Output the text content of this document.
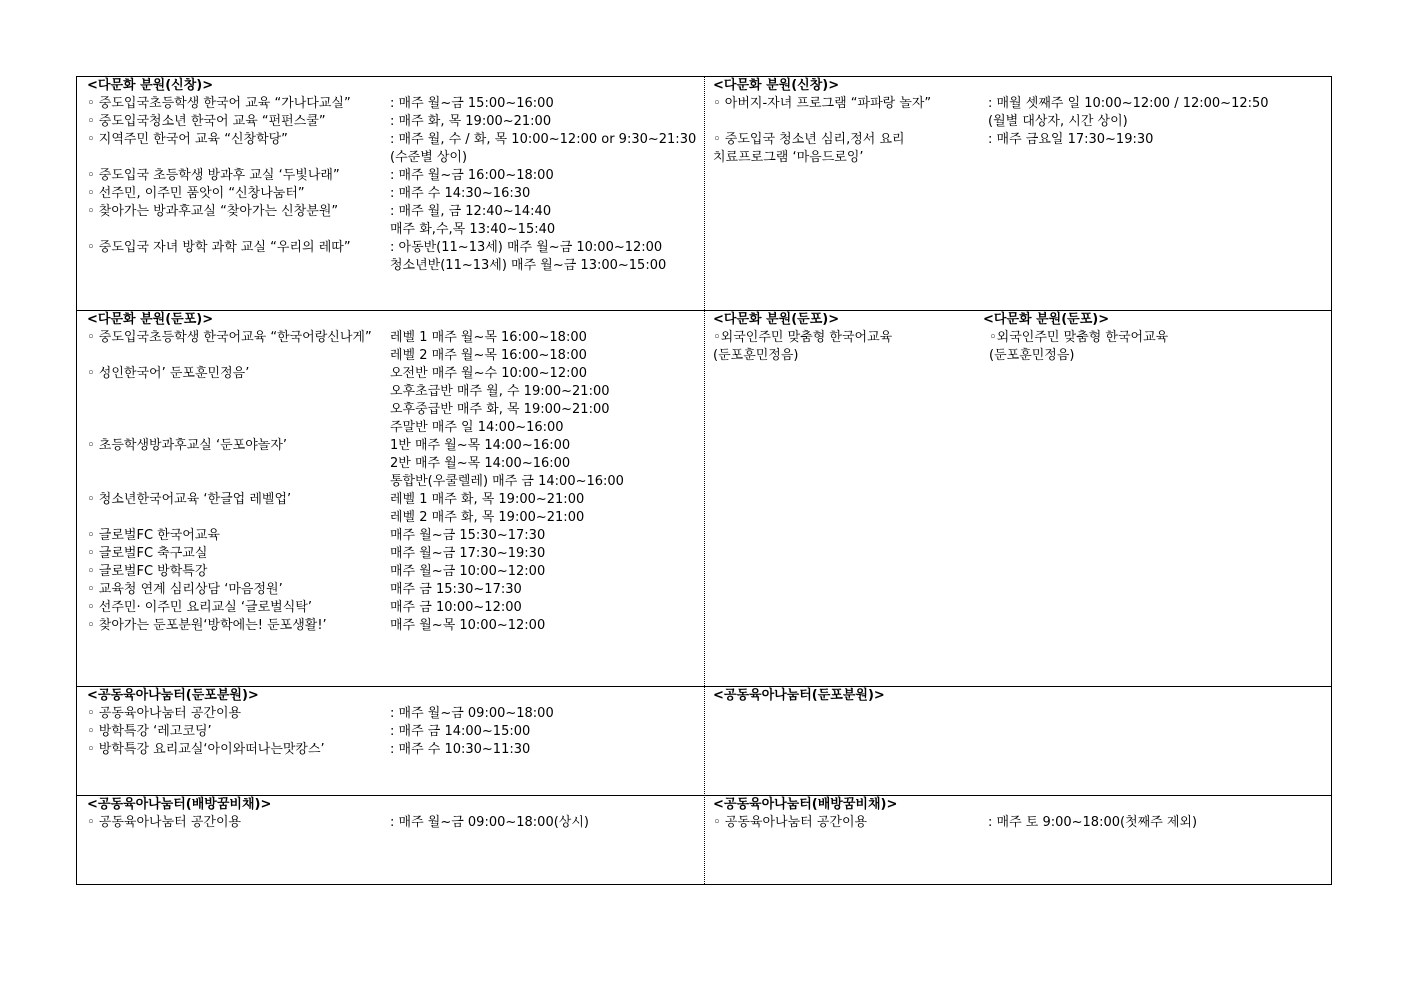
<다문화 분원(신창)>
◦ 중도입국초등학생 한국어 교육 “가나다교실”	: 매주 월~금 15:00~16:00
◦ 중도입국청소년 한국어 교육 “펀펀스쿨”	: 매주 화, 목 19:00~21:00
◦ 지역주민 한국어 교육 “신창학당”	: 매주 월, 수 / 화, 목 10:00~12:00 or 9:30~21:30
(수준별 상이)
◦ 중도입국 초등학생 방과후 교실 ‘두빛나래”	: 매주 월~금 16:00~18:00
◦ 선주민, 이주민 품앗이 “신창나눔터”	: 매주 수 14:30~16:30
◦ 찾아가는 방과후교실 “찾아가는 신창분원”	: 매주 월, 금 12:40~14:40
매주 화,수,목 13:40~15:40
◦ 중도입국 자녀 방학 과학 교실 “우리의 레따”	: 아동반(11~13세) 매주 월~금 10:00~12:00
청소년반(11~13세) 매주 월~금 13:00~15:00
<다문화 분원(신창)>
◦ 아버지-자녀 프로그램 “파파랑 놀자”	: 매월 셋째주 일 10:00~12:00 / 12:00~12:50
(월별 대상자, 시간 상이)
◦ 중도입국 청소년 심리,정서 요리	: 매주 금요일 17:30~19:30
치료프로그램 ‘마음드로잉’
<다문화 분원(둔포)>
◦ 중도입국초등학생 한국어교육 “한국어랑신나게” 레벨 1 매주 월~목 16:00~18:00
레벨 2 매주 월~목 16:00~18:00
◦ 성인한국어’ 둔포훈민정음’	오전반 매주 월~수 10:00~12:00
오후초급반 매주 월, 수 19:00~21:00
오후중급반 매주 화, 목 19:00~21:00
주말반 매주 일 14:00~16:00
◦ 초등학생방과후교실 ‘둔포야놀자’	1반 매주 월~목 14:00~16:00
2반 매주 월~목 14:00~16:00
통합반(우쿨렐레) 매주 금 14:00~16:00
◦ 청소년한국어교육 ‘한글업 레벨업’	레벨 1 매주 화, 목 19:00~21:00
레벨 2 매주 화, 목 19:00~21:00
◦ 글로벌FC 한국어교육	매주 월~금 15:30~17:30
◦ 글로벌FC 축구교실	매주 월~금 17:30~19:30
◦ 글로벌FC 방학특강	매주 월~금 10:00~12:00
◦ 교육청 연계 심리상담 ‘마음정원’	매주 금 15:30~17:30
◦ 선주민· 이주민 요리교실 ‘글로벌식탁’	매주 금 10:00~12:00
◦ 찾아가는 둔포분원‘방학에는! 둔포생활!’	매주 월~목 10:00~12:00
<다문화 분원(둔포)>	<다문화 분원(둔포)>
◦외국인주민 맞춤형 한국어교육	◦외국인주민 맞춤형 한국어교육
(둔포훈민정음)	(둔포훈민정음)
<공동육아나눔터(둔포분원)>
◦ 공동육아나눔터 공간이용	: 매주 월~금 09:00~18:00
◦ 방학특강 ‘레고코딩’	: 매주 금 14:00~15:00
◦ 방학특강 요리교실‘아이와떠나는맛캉스’	: 매주 수 10:30~11:30
<공동육아나눔터(둔포분원)>
<공동육아나눔터(배방꿈비채)>
◦ 공동육아나눔터 공간이용	: 매주 월~금 09:00~18:00(상시)
<공동육아나눔터(배방꿈비채)>
◦ 공동육아나눔터 공간이용	: 매주 토 9:00~18:00(첫째주 제외)
